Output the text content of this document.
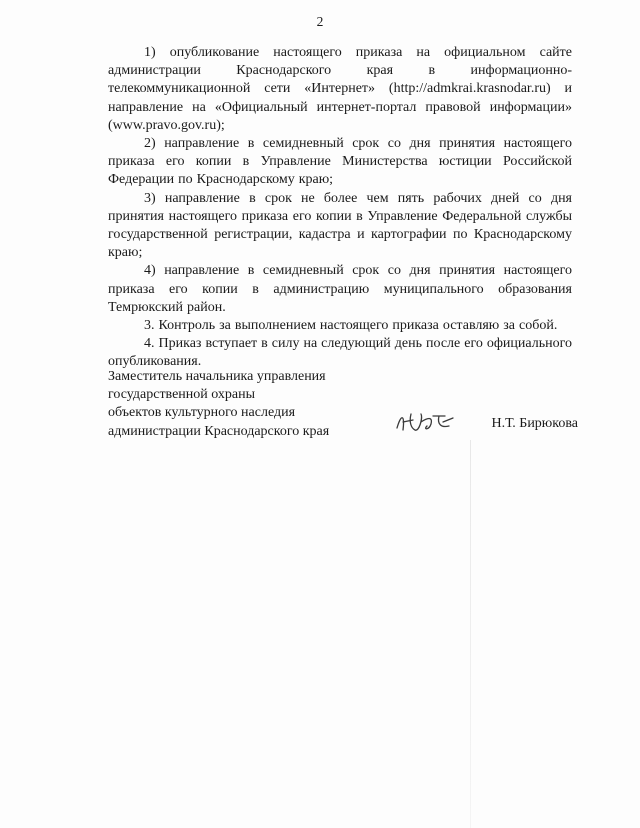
2

1) опубликование настоящего приказа на официальном сайте администрации Краснодарского края в информационно-телекоммуникационной сети «Интернет» (http://admkrai.krasnodar.ru) и направление на «Официальный интернет-портал правовой информации» (www.pravo.gov.ru);

2) направление в семидневный срок со дня принятия настоящего приказа его копии в Управление Министерства юстиции Российской Федерации по Краснодарскому краю;

3) направление в срок не более чем пять рабочих дней со дня принятия настоящего приказа его копии в Управление Федеральной службы государственной регистрации, кадастра и картографии по Краснодарскому краю;

4) направление в семидневный срок со дня принятия настоящего приказа его копии в администрацию муниципального образования Темрюкский район.

3. Контроль за выполнением настоящего приказа оставляю за собой.

4. Приказ вступает в силу на следующий день после его официального опубликования.

Заместитель начальника управления

государственной охраны

объектов культурного наследия

администрации Краснодарского края

Н.Т. Бирюкова
